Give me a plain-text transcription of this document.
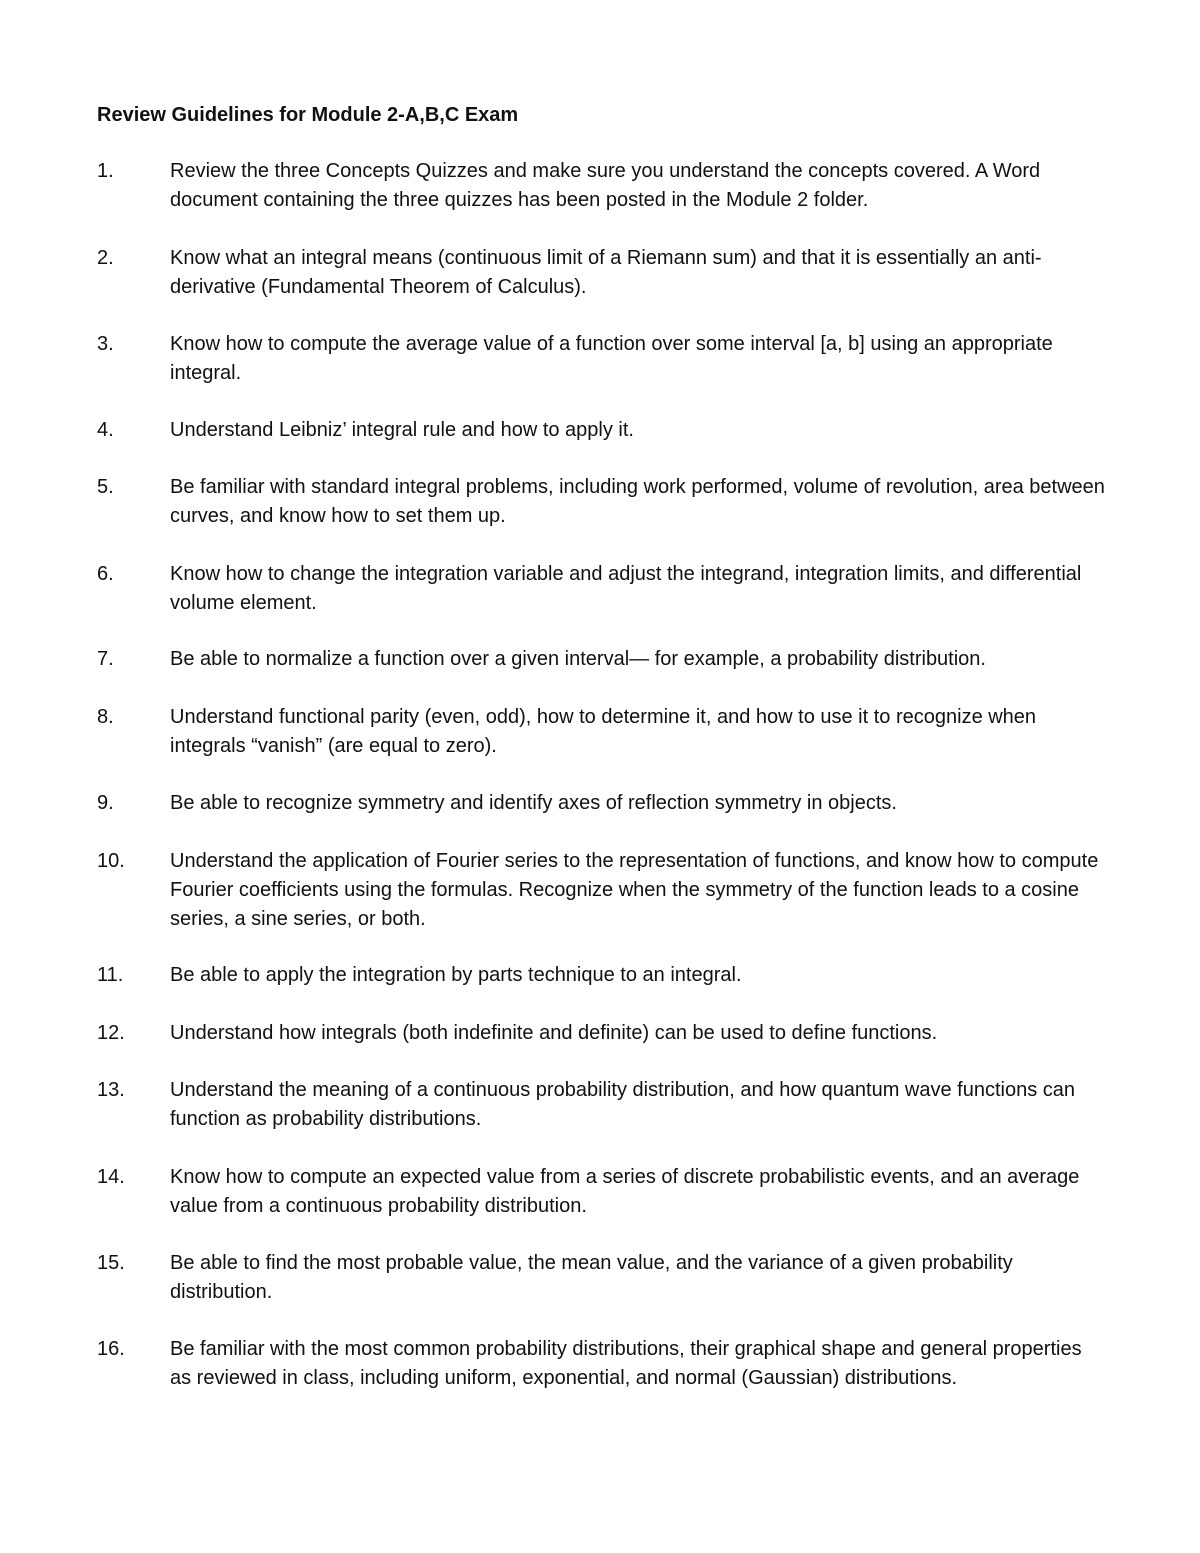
Review Guidelines for Module 2-A,B,C Exam
1.	Review the three Concepts Quizzes and make sure you understand the concepts covered. A Word document containing the three quizzes has been posted in the Module 2 folder.
2.	Know what an integral means (continuous limit of a Riemann sum) and that it is essentially an anti-derivative (Fundamental Theorem of Calculus).
3.	Know how to compute the average value of a function over some interval [a, b] using an appropriate integral.
4.	Understand Leibniz’ integral rule and how to apply it.
5.	Be familiar with standard integral problems, including work performed, volume of revolution, area between curves, and know how to set them up.
6.	Know how to change the integration variable and adjust the integrand, integration limits, and differential volume element.
7.	Be able to normalize a function over a given interval— for example, a probability distribution.
8.	Understand functional parity (even, odd), how to determine it, and how to use it to recognize when integrals “vanish” (are equal to zero).
9.	Be able to recognize symmetry and identify axes of reflection symmetry in objects.
10.	Understand the application of Fourier series to the representation of functions, and know how to compute Fourier coefficients using the formulas. Recognize when the symmetry of the function leads to a cosine series, a sine series, or both.
11.	Be able to apply the integration by parts technique to an integral.
12.	Understand how integrals (both indefinite and definite) can be used to define functions.
13.	Understand the meaning of a continuous probability distribution, and how quantum wave functions can function as probability distributions.
14.	Know how to compute an expected value from a series of discrete probabilistic events, and an average value from a continuous probability distribution.
15.	Be able to find the most probable value, the mean value, and the variance of a given probability distribution.
16.	Be familiar with the most common probability distributions, their graphical shape and general properties as reviewed in class, including uniform, exponential, and normal (Gaussian) distributions.
